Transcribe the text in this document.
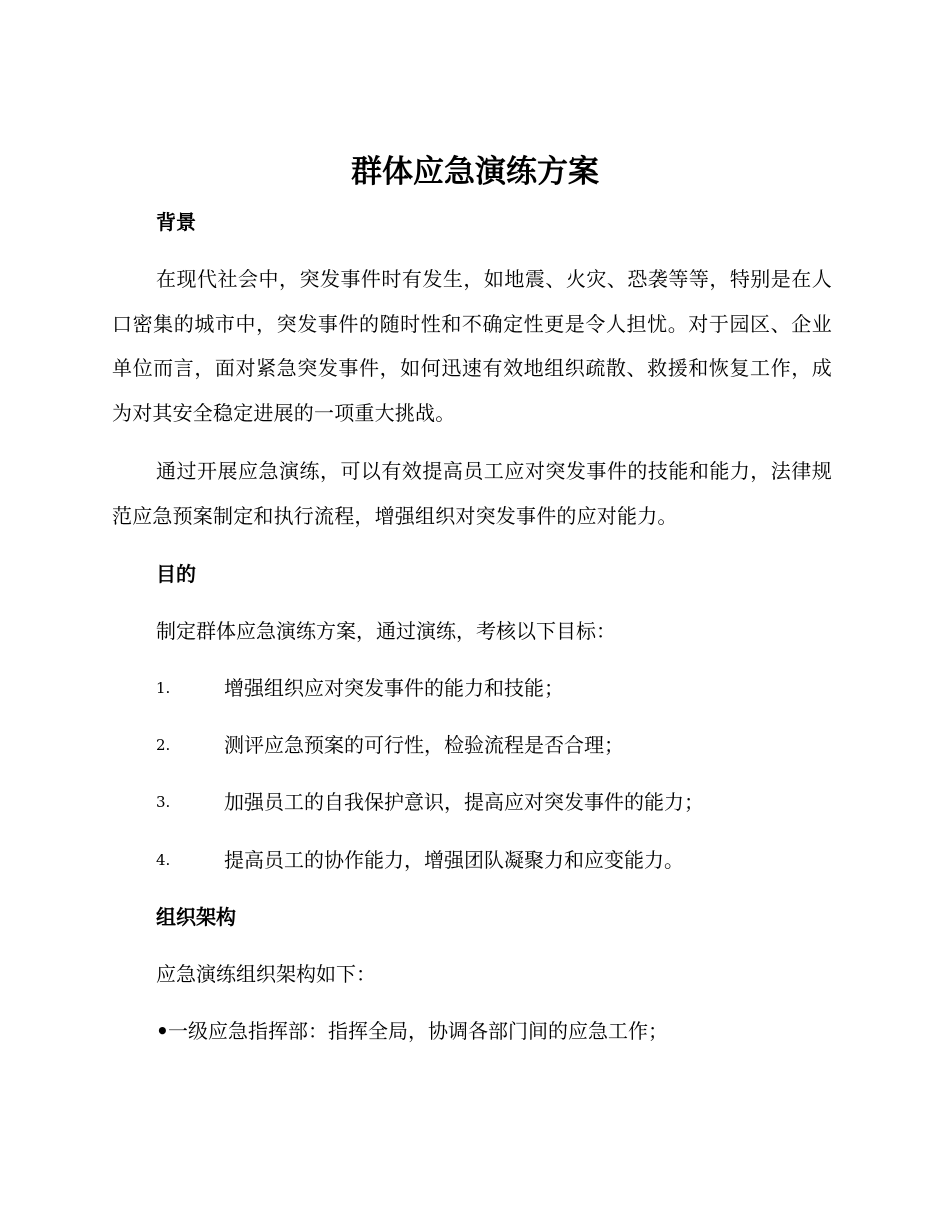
群体应急演练方案
背景

在现代社会中，突发事件时有发生，如地震、火灾、恐袭等等，特别是在人口密集的城市中，突发事件的随时性和不确定性更是令人担忧。对于园区、企业单位而言，面对紧急突发事件，如何迅速有效地组织疏散、救援和恢复工作，成为对其安全稳定进展的一项重大挑战。

通过开展应急演练，可以有效提高员工应对突发事件的技能和能力，法律规范应急预案制定和执行流程，增强组织对突发事件的应对能力。

目的

制定群体应急演练方案，通过演练，考核以下目标：

1.	增强组织应对突发事件的能力和技能；
2.	测评应急预案的可行性，检验流程是否合理；
3.	加强员工的自我保护意识，提高应对突发事件的能力；
4.	提高员工的协作能力，增强团队凝聚力和应变能力。
组织架构

应急演练组织架构如下：

•一级应急指挥部：指挥全局，协调各部门间的应急工作；
